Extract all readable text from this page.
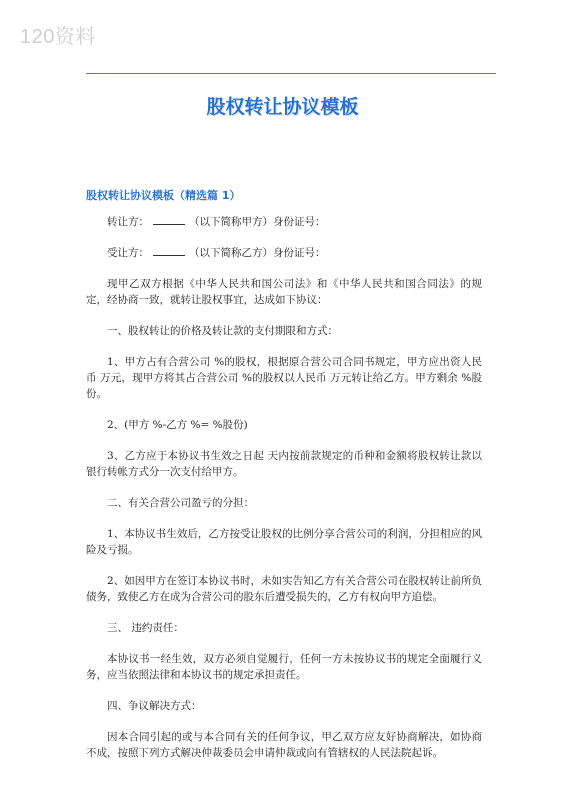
120资料
股权转让协议模板
股权转让协议模板（精选篇 1）

转让方：	（以下简称甲方）身份证号：

受让方：	（以下简称乙方）身份证号：

现甲乙双方根据《中华人民共和国公司法》和《中华人民共和国合同法》的规定，经协商一致，就转让股权事宜，达成如下协议：

一、股权转让的价格及转让款的支付期限和方式：

1、甲方占有合营公司 %的股权，根据原合营公司合同书规定，甲方应出资人民币 万元，现甲方将其占合营公司 %的股权以人民币 万元转让给乙方。甲方剩余 %股份。

2、(甲方 %-乙方 %= %股份)

3、乙方应于本协议书生效之日起 天内按前款规定的币种和金额将股权转让款以银行转帐方式分一次支付给甲方。

二、有关合营公司盈亏的分担：

1、本协议书生效后，乙方按受让股权的比例分享合营公司的利润，分担相应的风险及亏损。

2、如因甲方在签订本协议书时，未如实告知乙方有关合营公司在股权转让前所负债务，致使乙方在成为合营公司的股东后遭受损失的，乙方有权向甲方追偿。

三、 违约责任：

本协议书一经生效，双方必须自觉履行，任何一方未按协议书的规定全面履行义务，应当依照法律和本协议书的规定承担责任。

四、争议解决方式：

因本合同引起的或与本合同有关的任何争议，甲乙双方应友好协商解决，如协商不成，按照下列方式解决仲裁委员会申请仲裁或向有管辖权的人民法院起诉。
